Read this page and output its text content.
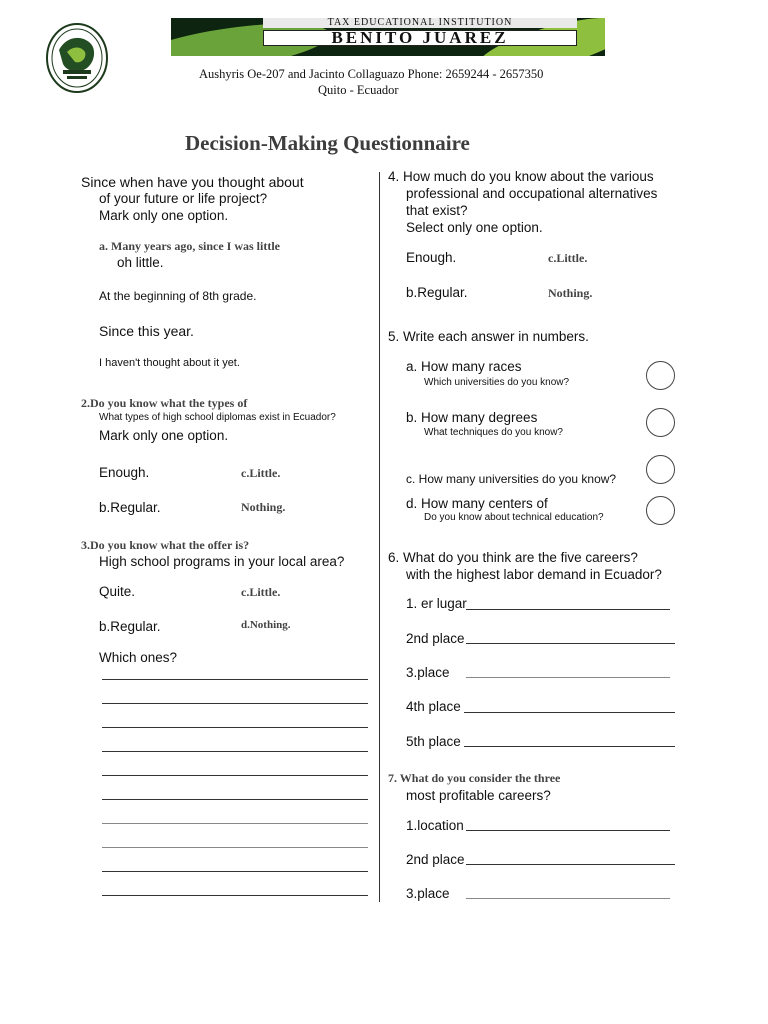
TAX EDUCATIONAL INSTITUTION
BENITO JUAREZ
Aushyris Oe-207 and Jacinto Collaguazo Phone: 2659244 - 2657350
Quito - Ecuador
Decision-Making Questionnaire
Since when have you thought about
of your future or life project?
Mark only one option.
a. Many years ago, since I was little
oh little.
At the beginning of 8th grade.
Since this year.
I haven't thought about it yet.
2.Do you know what the types of
What types of high school diplomas exist in Ecuador?
Mark only one option.
Enough.	c.Little.
b.Regular.	Nothing.
3.Do you know what the offer is?
High school programs in your local area?
Quite.	c.Little.
b.Regular.	d.Nothing.
Which ones?
4. How much do you know about the various
professional and occupational alternatives
that exist?
Select only one option.
Enough.	c.Little.
b.Regular.	Nothing.
5. Write each answer in numbers.
a. How many races
Which universities do you know?
b. How many degrees
What techniques do you know?
c. How many universities do you know?
d. How many centers of
Do you know about technical education?
6. What do you think are the five careers?
with the highest labor demand in Ecuador?
1. er lugar
2nd place
3.place
4th place
5th place
7. What do you consider the three
most profitable careers?
1.location
2nd place
3.place
